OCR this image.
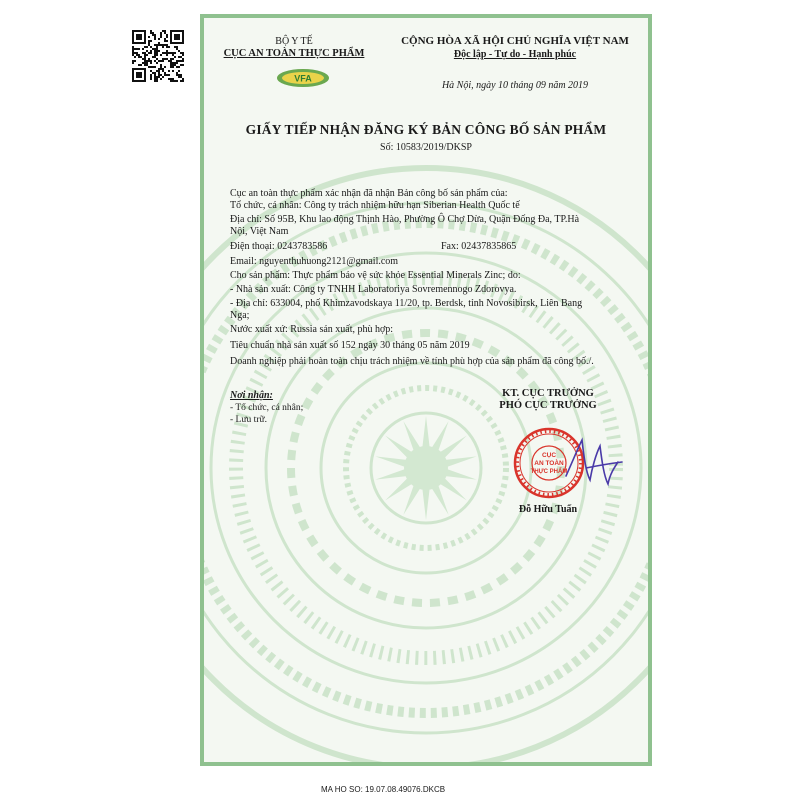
BỘ Y TẾ
CỤC AN TOÀN THỰC PHẨM
VFA
CỘNG HÒA XÃ HỘI CHỦ NGHĨA VIỆT NAM
Độc lập - Tự do - Hạnh phúc
Hà Nội, ngày 10 tháng 09 năm 2019
GIẤY TIẾP NHẬN ĐĂNG KÝ BẢN CÔNG BỐ SẢN PHẨM
Số: 10583/2019/DKSP
Cục an toàn thực phẩm xác nhận đã nhận Bản công bố sản phẩm của:
Tổ chức, cá nhân: Công ty trách nhiệm hữu hạn Siberian Health Quốc tế
Địa chỉ: Số 95B, Khu lao động Thịnh Hào, Phường Ô Chợ Dừa, Quận Đống Đa, TP.Hà
Nội, Việt Nam
Điện thoại: 0243783586	Fax: 02437835865
Email: nguyenthuhuong2121@gmail.com
Cho sản phẩm: Thực phẩm bảo vệ sức khỏe Essential Minerals Zinc; do:
- Nhà sản xuất: Công ty TNHH Laboratoriya Sovremennogo Zdorovya.
- Địa chỉ: 633004, phố Khimzavodskaya 11/20, tp. Berdsk, tỉnh Novosibirsk, Liên Bang
Nga;
Nước xuất xứ: Russia sản xuất, phù hợp:
Tiêu chuẩn nhà sản xuất số 152 ngày 30 tháng 05 năm 2019
Doanh nghiệp phải hoàn toàn chịu trách nhiệm về tính phù hợp của sản phẩm đã công bố./.
Nơi nhận:
- Tổ chức, cá nhân;
- Lưu trữ.
KT. CỤC TRƯỞNG
PHÓ CỤC TRƯỞNG
CỤC
AN TOÀN
THỰC PHẨM
Đỗ Hữu Tuấn
MA HO SO: 19.07.08.49076.DKCB
